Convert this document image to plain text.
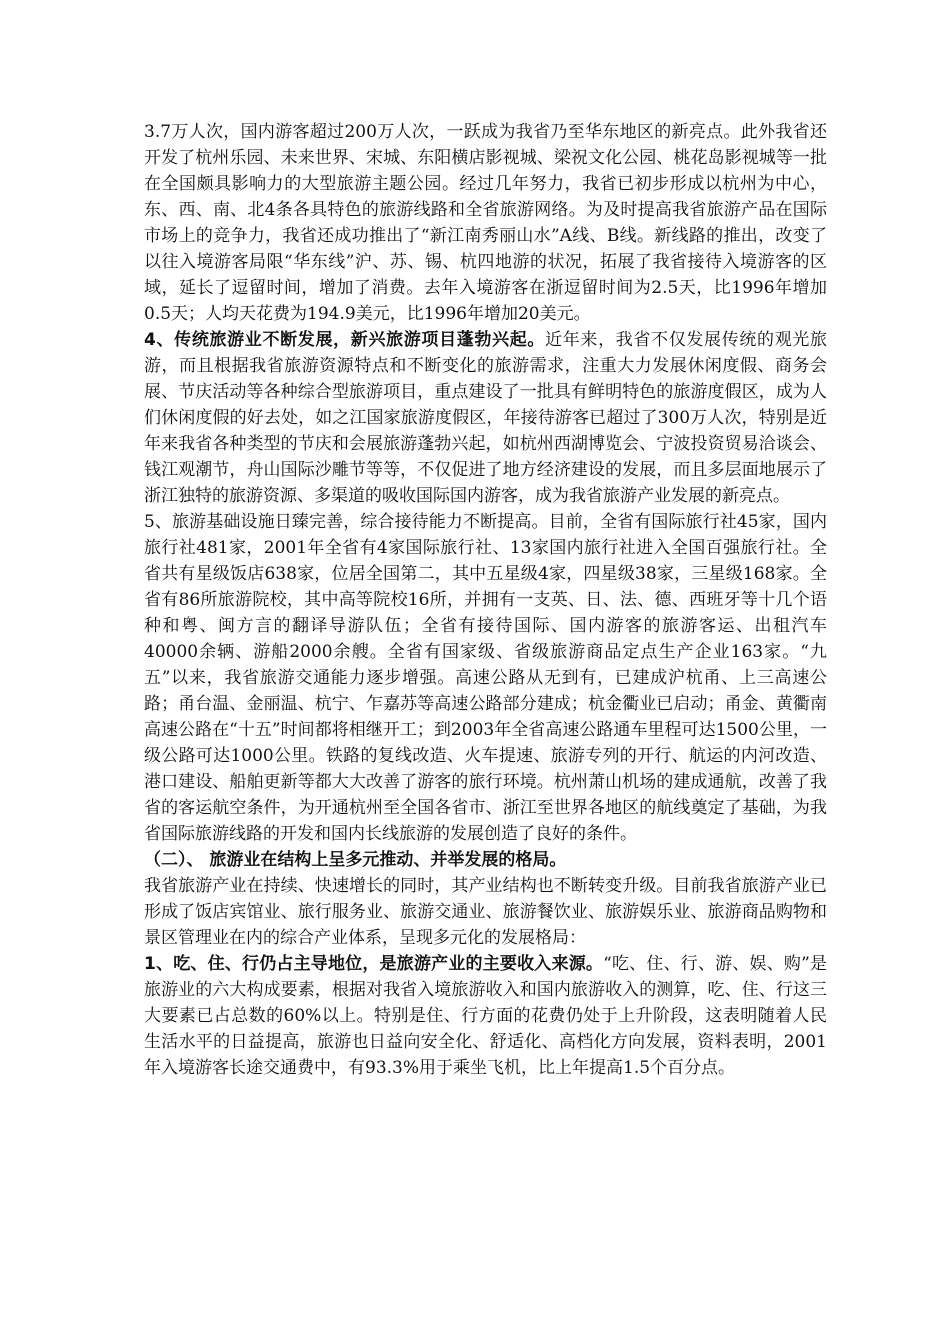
3.7万人次，国内游客超过200万人次，一跃成为我省乃至华东地区的新亮点。此外我省还开发了杭州乐园、未来世界、宋城、东阳横店影视城、梁祝文化公园、桃花岛影视城等一批在全国颇具影响力的大型旅游主题公园。经过几年努力，我省已初步形成以杭州为中心，东、西、南、北4条各具特色的旅游线路和全省旅游网络。为及时提高我省旅游产品在国际市场上的竞争力，我省还成功推出了“新江南秀丽山水”A线、B线。新线路的推出，改变了以往入境游客局限“华东线”沪、苏、锡、杭四地游的状况，拓展了我省接待入境游客的区域，延长了逗留时间，增加了消费。去年入境游客在浙逗留时间为2.5天，比1996年增加0.5天；人均天花费为194.9美元，比1996年增加20美元。

4、传统旅游业不断发展，新兴旅游项目蓬勃兴起。近年来，我省不仅发展传统的观光旅游，而且根据我省旅游资源特点和不断变化的旅游需求，注重大力发展休闲度假、商务会展、节庆活动等各种综合型旅游项目，重点建设了一批具有鲜明特色的旅游度假区，成为人们休闲度假的好去处，如之江国家旅游度假区，年接待游客已超过了300万人次，特别是近年来我省各种类型的节庆和会展旅游蓬勃兴起，如杭州西湖博览会、宁波投资贸易洽谈会、钱江观潮节，舟山国际沙雕节等等，不仅促进了地方经济建设的发展，而且多层面地展示了浙江独特的旅游资源、多渠道的吸收国际国内游客，成为我省旅游产业发展的新亮点。

5、旅游基础设施日臻完善，综合接待能力不断提高。目前，全省有国际旅行社45家，国内旅行社481家，2001年全省有4家国际旅行社、13家国内旅行社进入全国百强旅行社。全省共有星级饭店638家，位居全国第二，其中五星级4家，四星级38家，三星级168家。全省有86所旅游院校，其中高等院校16所，并拥有一支英、日、法、德、西班牙等十几个语种和粤、闽方言的翻译导游队伍；全省有接待国际、国内游客的旅游客运、出租汽车40000余辆、游船2000余艘。全省有国家级、省级旅游商品定点生产企业163家。“九五”以来，我省旅游交通能力逐步增强。高速公路从无到有，已建成沪杭甬、上三高速公路；甬台温、金丽温、杭宁、乍嘉苏等高速公路部分建成；杭金衢业已启动；甬金、黄衢南高速公路在“十五”时间都将相继开工；到2003年全省高速公路通车里程可达1500公里，一级公路可达1000公里。铁路的复线改造、火车提速、旅游专列的开行、航运的内河改造、港口建设、船舶更新等都大大改善了游客的旅行环境。杭州萧山机场的建成通航，改善了我省的客运航空条件，为开通杭州至全国各省市、浙江至世界各地区的航线奠定了基础，为我省国际旅游线路的开发和国内长线旅游的发展创造了良好的条件。

（二）、 旅游业在结构上呈多元推动、并举发展的格局。

我省旅游产业在持续、快速增长的同时，其产业结构也不断转变升级。目前我省旅游产业已形成了饭店宾馆业、旅行服务业、旅游交通业、旅游餐饮业、旅游娱乐业、旅游商品购物和景区管理业在内的综合产业体系，呈现多元化的发展格局：

1、吃、住、行仍占主导地位，是旅游产业的主要收入来源。“吃、住、行、游、娱、购”是旅游业的六大构成要素，根据对我省入境旅游收入和国内旅游收入的测算，吃、住、行这三大要素已占总数的60%以上。特别是住、行方面的花费仍处于上升阶段，这表明随着人民生活水平的日益提高，旅游也日益向安全化、舒适化、高档化方向发展，资料表明，2001年入境游客长途交通费中，有93.3%用于乘坐飞机，比上年提高1.5个百分点。
